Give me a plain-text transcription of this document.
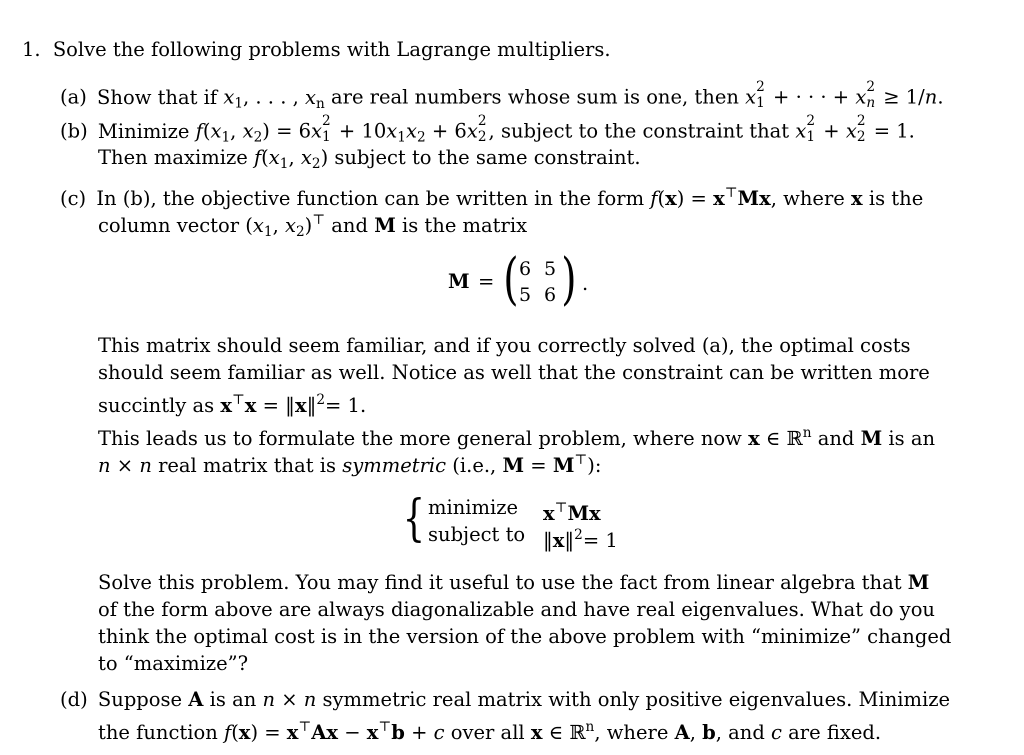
1. Solve the following problems with Lagrange multipliers.
(a) Show that if $x_1$, . . . , $x_n$ are real numbers whose sum is one, then x 2
1 + · · · + x 2
n ≥ 1/n.
(b) Minimize $f(x_1$, $x_2) = 6x$ 2
$1 + 10x_1x_2 + 6x$ 2
2 , subject to the constraint that x 2
1 + x 2
2 = 1.
Then maximize $f(x_1$, $x_2$) subject to the same constraint.
(c) In (b), the objective function can be written in the form f(x) = x⊤Mx, where x is the
column vector ($x_1$, $x_2)^⊤$ and M is the matrix
M = ( 6 5
5 6 ) .
This matrix should seem familiar, and if you correctly solved (a), the optimal costs
should seem familiar as well. Notice as well that the constraint can be written more
succintly as x⊤x = ‖x‖$^2$= 1.
This leads us to formulate the more general problem, where now x ∈ ℝ$^n$ and M is an
n × n real matrix that is symmetric (i.e., M = M⊤):
{ minimize x⊤Mx
subject to ‖x‖$^2$= 1
Solve this problem. You may find it useful to use the fact from linear algebra that M
of the form above are always diagonalizable and have real eigenvalues. What do you
think the optimal cost is in the version of the above problem with “minimize” changed
to “maximize”?
(d) Suppose A is an n × n symmetric real matrix with only positive eigenvalues. Minimize
the function f(x) = x⊤Ax − x⊤b + c over all x ∈ ℝ$^n$, where A, b, and c are fixed.
